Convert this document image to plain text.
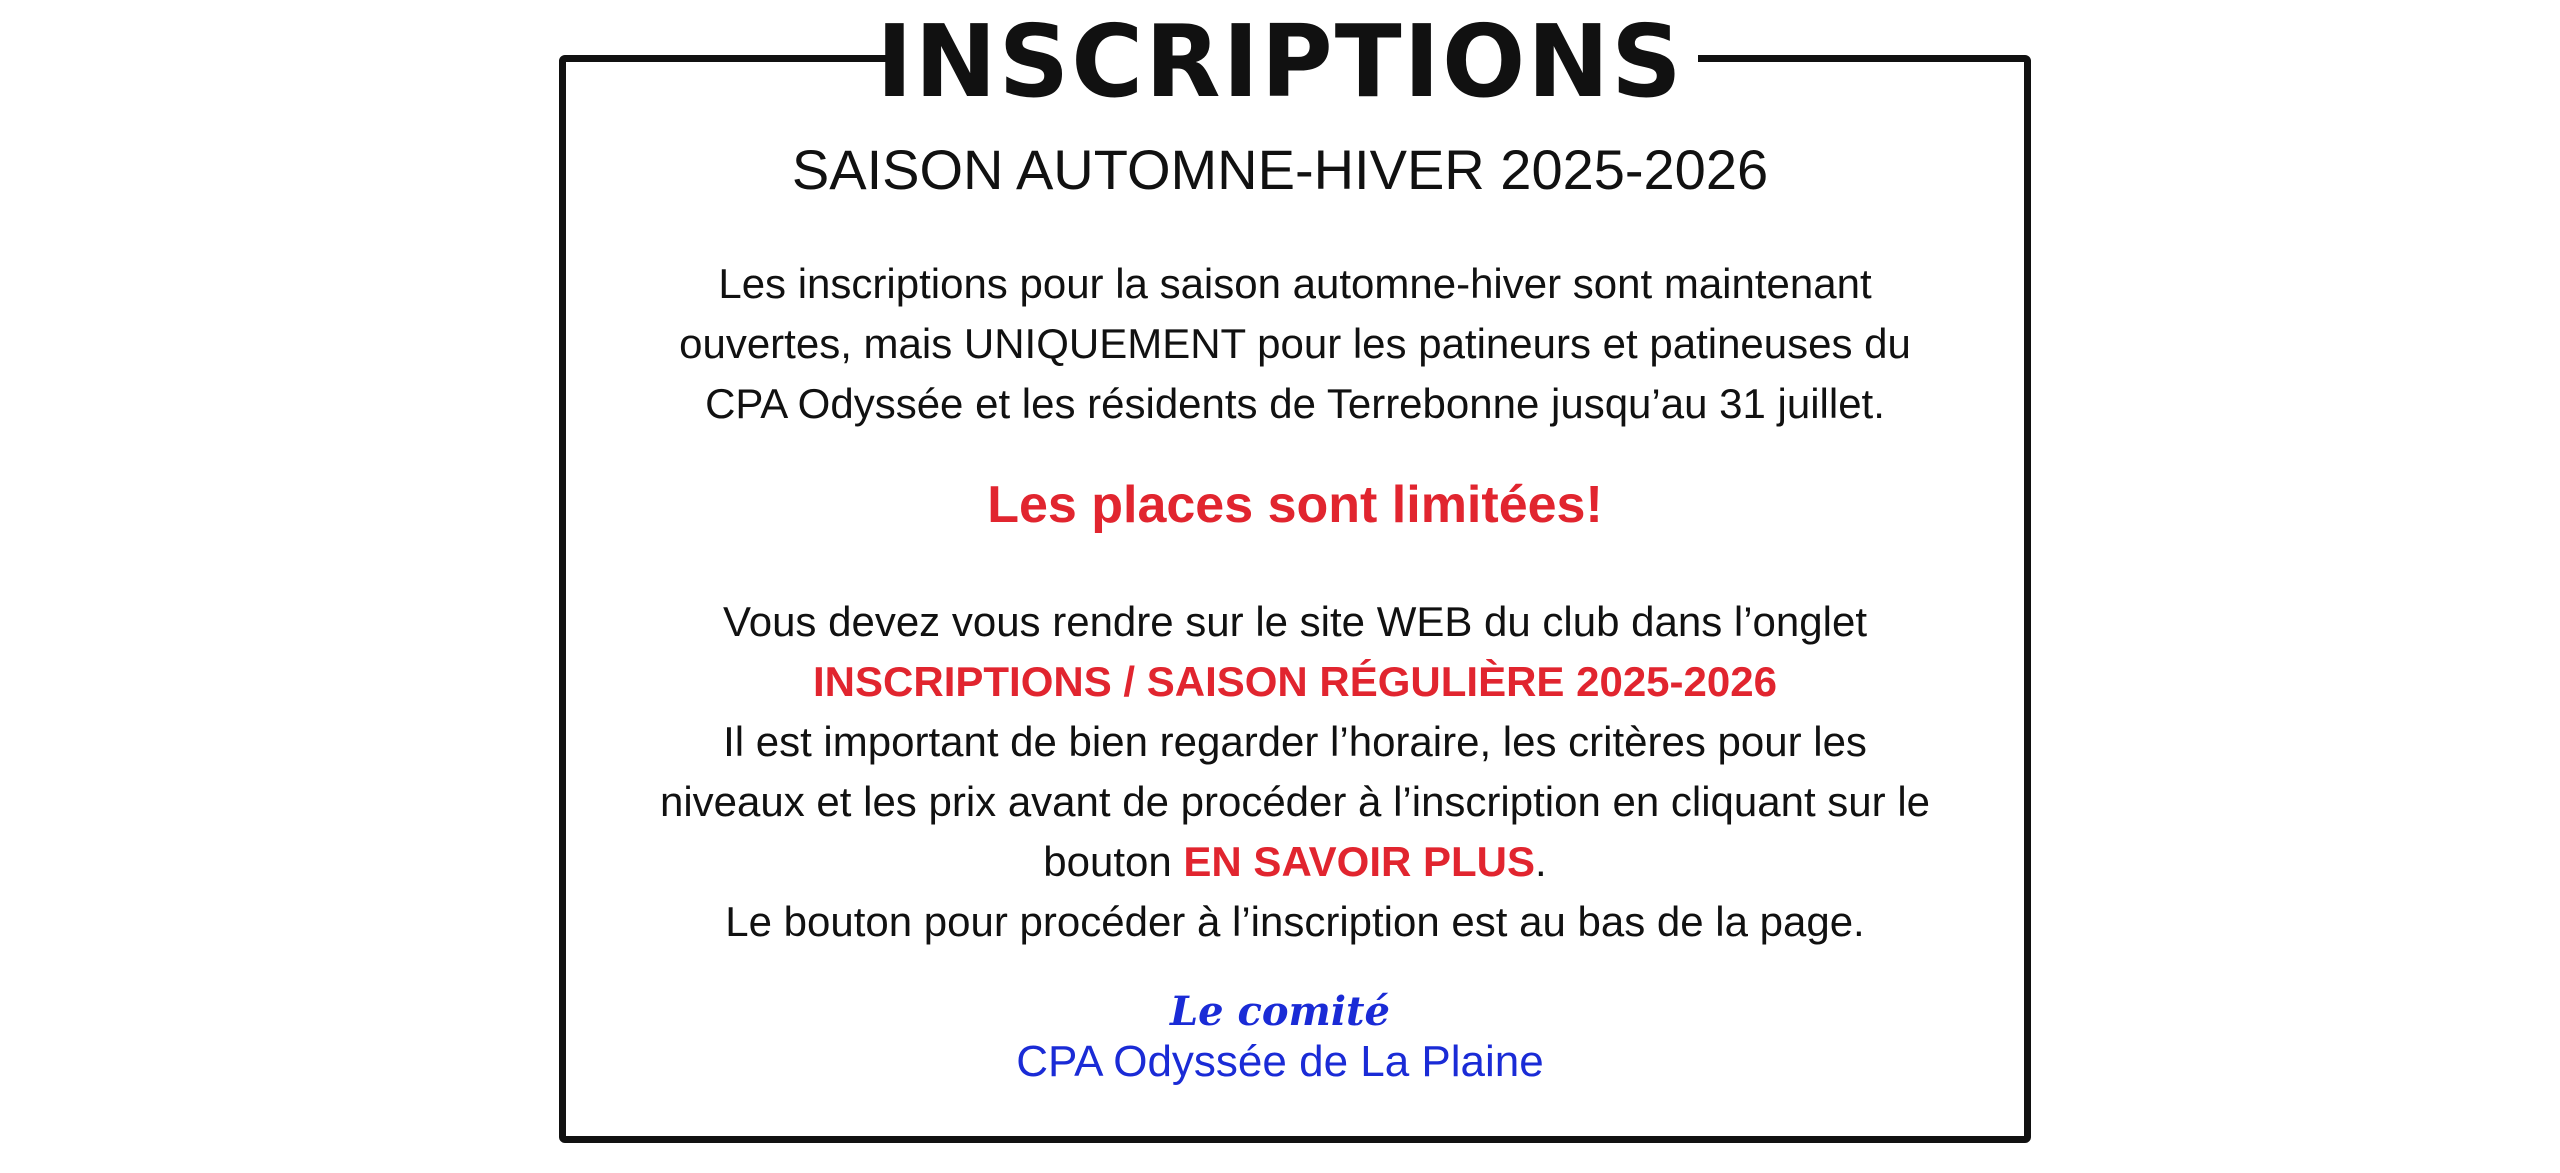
INSCRIPTIONS
SAISON AUTOMNE-HIVER 2025-2026
Les inscriptions pour la saison automne-hiver sont maintenant
ouvertes, mais UNIQUEMENT pour les patineurs et patineuses du
CPA Odyssée et les résidents de Terrebonne jusqu’au 31 juillet.
Les places sont limitées!
Vous devez vous rendre sur le site WEB du club dans l’onglet
INSCRIPTIONS / SAISON RÉGULIÈRE 2025-2026
Il est important de bien regarder l’horaire, les critères pour les
niveaux et les prix avant de procéder à l’inscription en cliquant sur le
bouton EN SAVOIR PLUS.
Le bouton pour procéder à l’inscription est au bas de la page.
Le comité
CPA Odyssée de La Plaine
